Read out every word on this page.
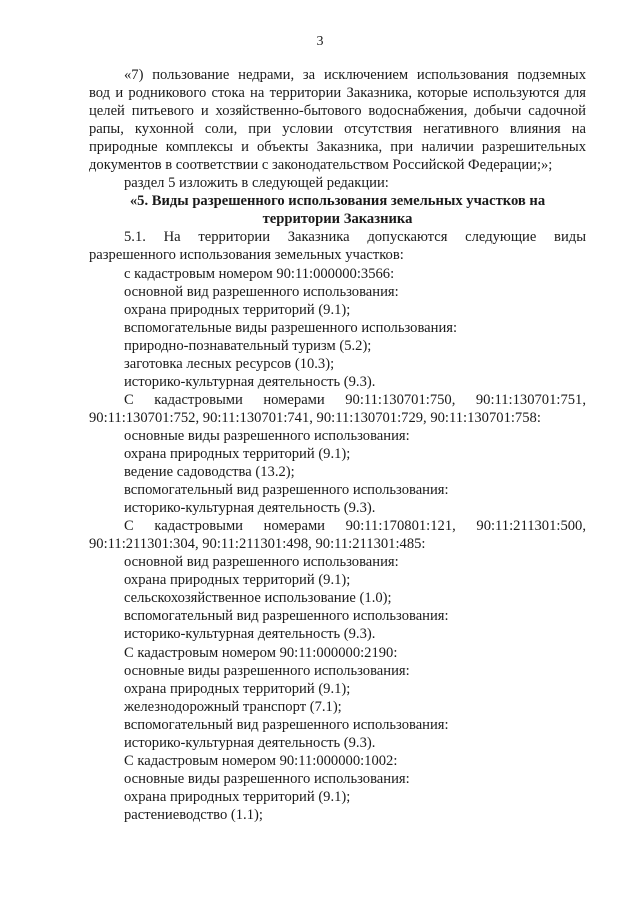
3
«7) пользование недрами, за исключением использования подземных
вод и родникового стока на территории Заказника, которые используются для
целей питьевого и хозяйственно-бытового водоснабжения, добычи садочной
рапы, кухонной соли, при условии отсутствия негативного влияния на
природные комплексы и объекты Заказника, при наличии разрешительных
документов в соответствии с законодательством Российской Федерации;»;
раздел 5 изложить в следующей редакции:
«5. Виды разрешенного использования земельных участков на
территории Заказника
5.1. На территории Заказника допускаются следующие виды
разрешенного использования земельных участков:
с кадастровым номером 90:11:000000:3566:
основной вид разрешенного использования:
охрана природных территорий (9.1);
вспомогательные виды разрешенного использования:
природно-познавательный туризм (5.2);
заготовка лесных ресурсов (10.3);
историко-культурная деятельность (9.3).
С кадастровыми номерами 90:11:130701:750, 90:11:130701:751,
90:11:130701:752, 90:11:130701:741, 90:11:130701:729, 90:11:130701:758:
основные виды разрешенного использования:
охрана природных территорий (9.1);
ведение садоводства (13.2);
вспомогательный вид разрешенного использования:
историко-культурная деятельность (9.3).
С кадастровыми номерами 90:11:170801:121, 90:11:211301:500,
90:11:211301:304, 90:11:211301:498, 90:11:211301:485:
основной вид разрешенного использования:
охрана природных территорий (9.1);
сельскохозяйственное использование (1.0);
вспомогательный вид разрешенного использования:
историко-культурная деятельность (9.3).
С кадастровым номером 90:11:000000:2190:
основные виды разрешенного использования:
охрана природных территорий (9.1);
железнодорожный транспорт (7.1);
вспомогательный вид разрешенного использования:
историко-культурная деятельность (9.3).
С кадастровым номером 90:11:000000:1002:
основные виды разрешенного использования:
охрана природных территорий (9.1);
растениеводство (1.1);
